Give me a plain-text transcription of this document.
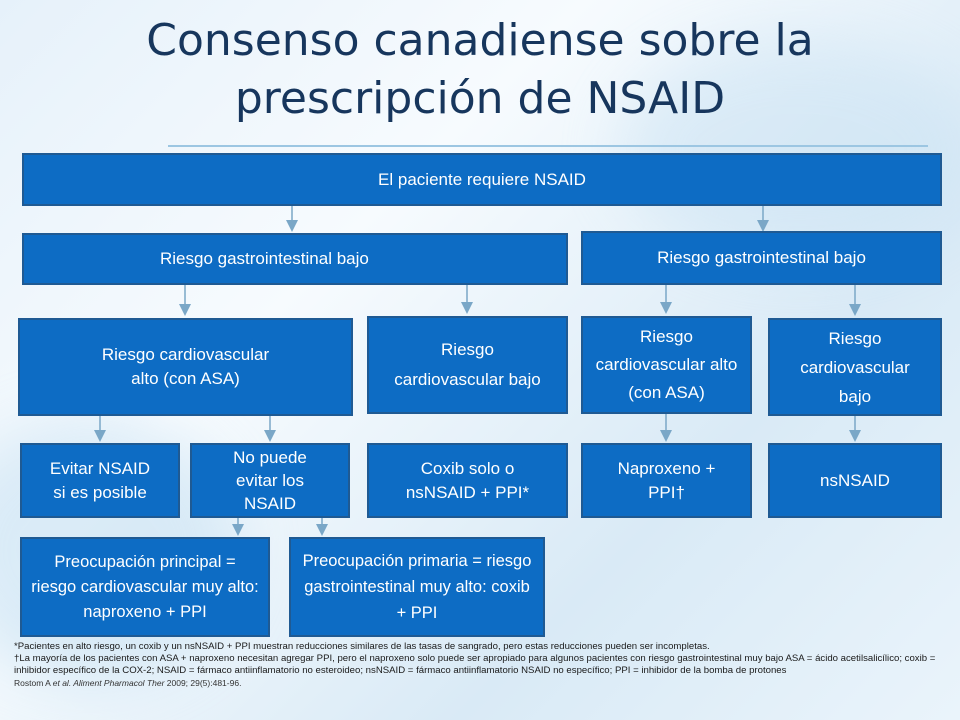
Consenso canadiense sobre la
prescripción de NSAID
El paciente requiere NSAID
Riesgo gastrointestinal bajo	Riesgo gastrointestinal bajo
Riesgo cardiovascular
alto (con ASA)
Riesgo cardiovascular bajo
Riesgo cardiovascular alto (con ASA)
Riesgo cardiovascular bajo
Evitar NSAID
si es posible
No puede evitar los NSAID
Coxib solo o
nsNSAID + PPI*
Naproxeno + PPI†
nsNSAID
Preocupación principal = riesgo cardiovascular muy alto: naproxeno + PPI
Preocupación primaria = riesgo gastrointestinal muy alto: coxib + PPI
*Pacientes en alto riesgo, un coxib y un nsNSAID + PPI muestran reducciones similares de las tasas de sangrado, pero estas reducciones pueden ser incompletas.
†La mayoría de los pacientes con ASA + naproxeno necesitan agregar PPI, pero el naproxeno solo puede ser apropiado para algunos pacientes con riesgo gastrointestinal muy bajo ASA = ácido acetilsalicílico; coxib = inhibidor específico de la COX-2; NSAID = fármaco antiinflamatorio no esteroideo; nsNSAID = fármaco antiinflamatorio NSAID no específico; PPI = inhibidor de la bomba de protones
Rostom A et al. Aliment Pharmacol Ther 2009; 29(5):481-96.
